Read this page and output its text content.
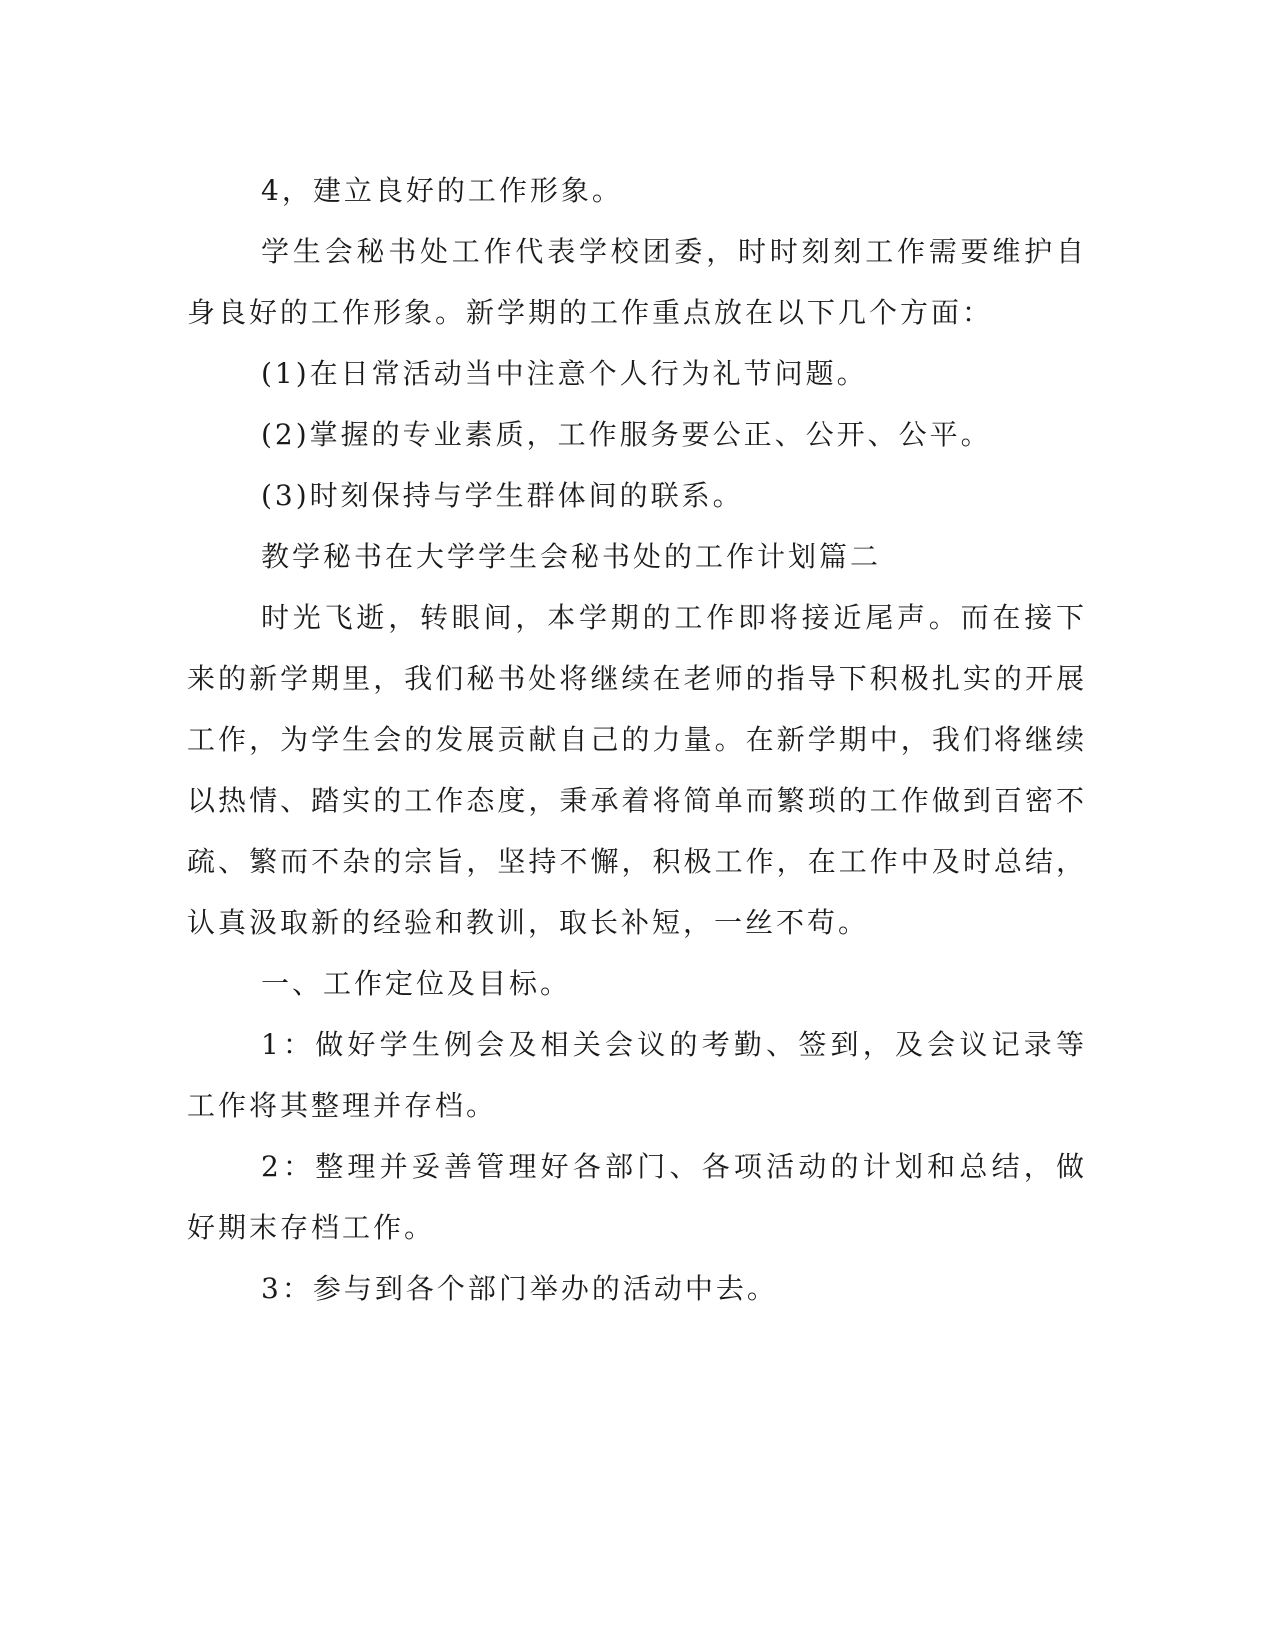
4，建立良好的工作形象。

学生会秘书处工作代表学校团委，时时刻刻工作需要维护自身良好的工作形象。新学期的工作重点放在以下几个方面：

(1)在日常活动当中注意个人行为礼节问题。

(2)掌握的专业素质，工作服务要公正、公开、公平。

(3)时刻保持与学生群体间的联系。

教学秘书在大学学生会秘书处的工作计划篇二

时光飞逝，转眼间，本学期的工作即将接近尾声。而在接下来的新学期里，我们秘书处将继续在老师的指导下积极扎实的开展工作，为学生会的发展贡献自己的力量。在新学期中，我们将继续以热情、踏实的工作态度，秉承着将简单而繁琐的工作做到百密不疏、繁而不杂的宗旨，坚持不懈，积极工作，在工作中及时总结，认真汲取新的经验和教训，取长补短，一丝不苟。

一、工作定位及目标。

1：做好学生例会及相关会议的考勤、签到，及会议记录等工作将其整理并存档。

2：整理并妥善管理好各部门、各项活动的计划和总结，做好期末存档工作。

3：参与到各个部门举办的活动中去。
